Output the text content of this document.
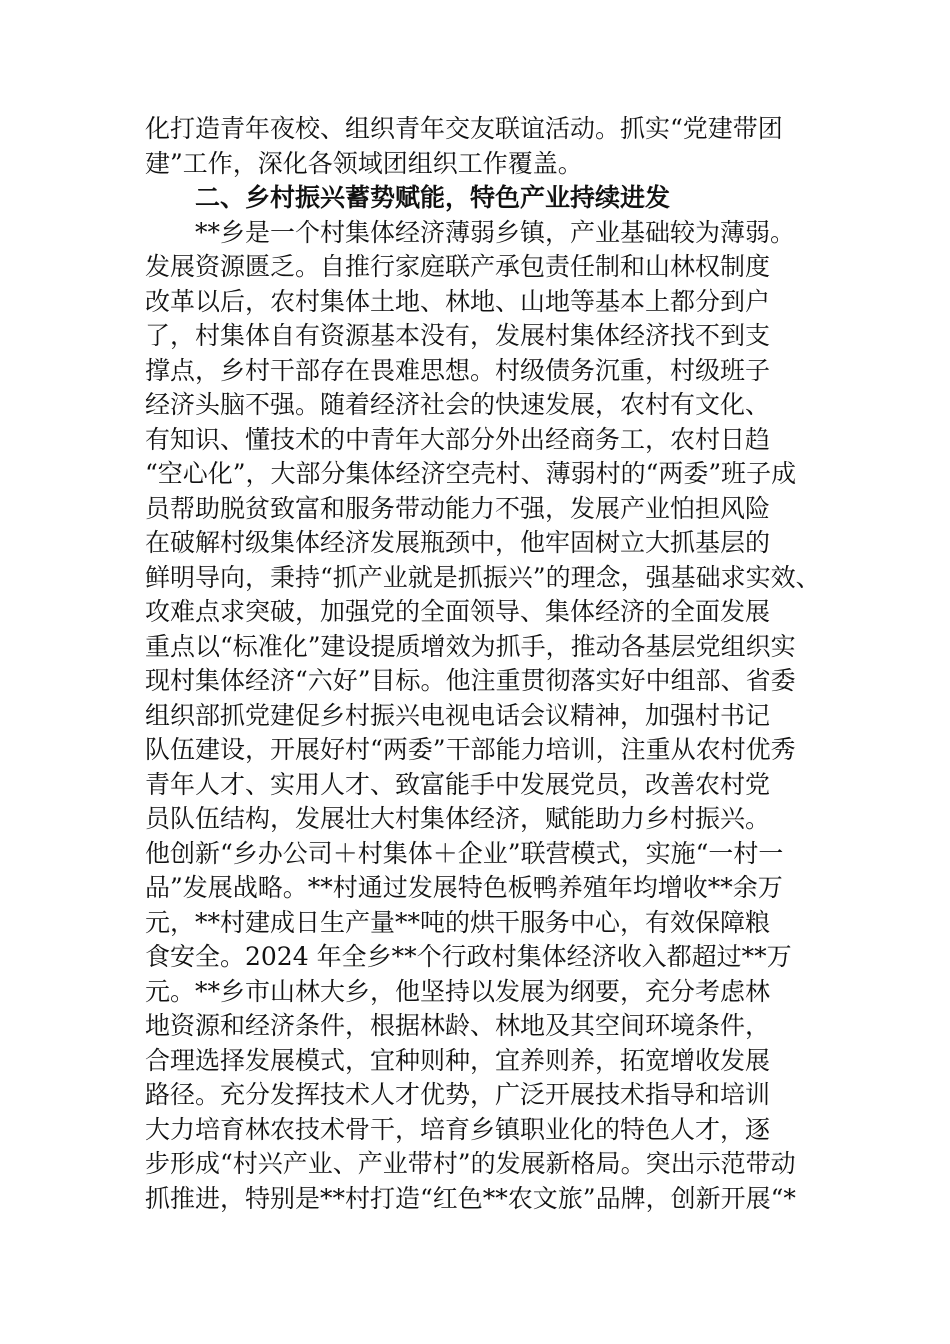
化打造青年夜校、组织青年交友联谊活动。抓实“党建带团
建”工作，深化各领域团组织工作覆盖。
二、乡村振兴蓄势赋能，特色产业持续进发
**乡是一个村集体经济薄弱乡镇，产业基础较为薄弱。
发展资源匮乏。自推行家庭联产承包责任制和山林权制度
改革以后，农村集体土地、林地、山地等基本上都分到户
了，村集体自有资源基本没有，发展村集体经济找不到支
撑点，乡村干部存在畏难思想。村级债务沉重，村级班子
经济头脑不强。随着经济社会的快速发展，农村有文化、
有知识、懂技术的中青年大部分外出经商务工，农村日趋
“空心化”，大部分集体经济空壳村、薄弱村的“两委”班子成
员帮助脱贫致富和服务带动能力不强，发展产业怕担风险
在破解村级集体经济发展瓶颈中，他牢固树立大抓基层的
鲜明导向，秉持“抓产业就是抓振兴”的理念，强基础求实效、
攻难点求突破，加强党的全面领导、集体经济的全面发展
重点以“标准化”建设提质增效为抓手，推动各基层党组织实
现村集体经济“六好”目标。他注重贯彻落实好中组部、省委
组织部抓党建促乡村振兴电视电话会议精神，加强村书记
队伍建设，开展好村“两委”干部能力培训，注重从农村优秀
青年人才、实用人才、致富能手中发展党员，改善农村党
员队伍结构，发展壮大村集体经济，赋能助力乡村振兴。
他创新“乡办公司＋村集体＋企业”联营模式，实施“一村一
品”发展战略。**村通过发展特色板鸭养殖年均增收**余万
元，**村建成日生产量**吨的烘干服务中心，有效保障粮
食安全。2024 年全乡**个行政村集体经济收入都超过**万
元。**乡市山林大乡，他坚持以发展为纲要，充分考虑林
地资源和经济条件，根据林龄、林地及其空间环境条件，
合理选择发展模式，宜种则种，宜养则养，拓宽增收发展
路径。充分发挥技术人才优势，广泛开展技术指导和培训
大力培育林农技术骨干，培育乡镇职业化的特色人才，逐
步形成“村兴产业、产业带村”的发展新格局。突出示范带动
抓推进，特别是**村打造“红色**农文旅”品牌，创新开展“*
